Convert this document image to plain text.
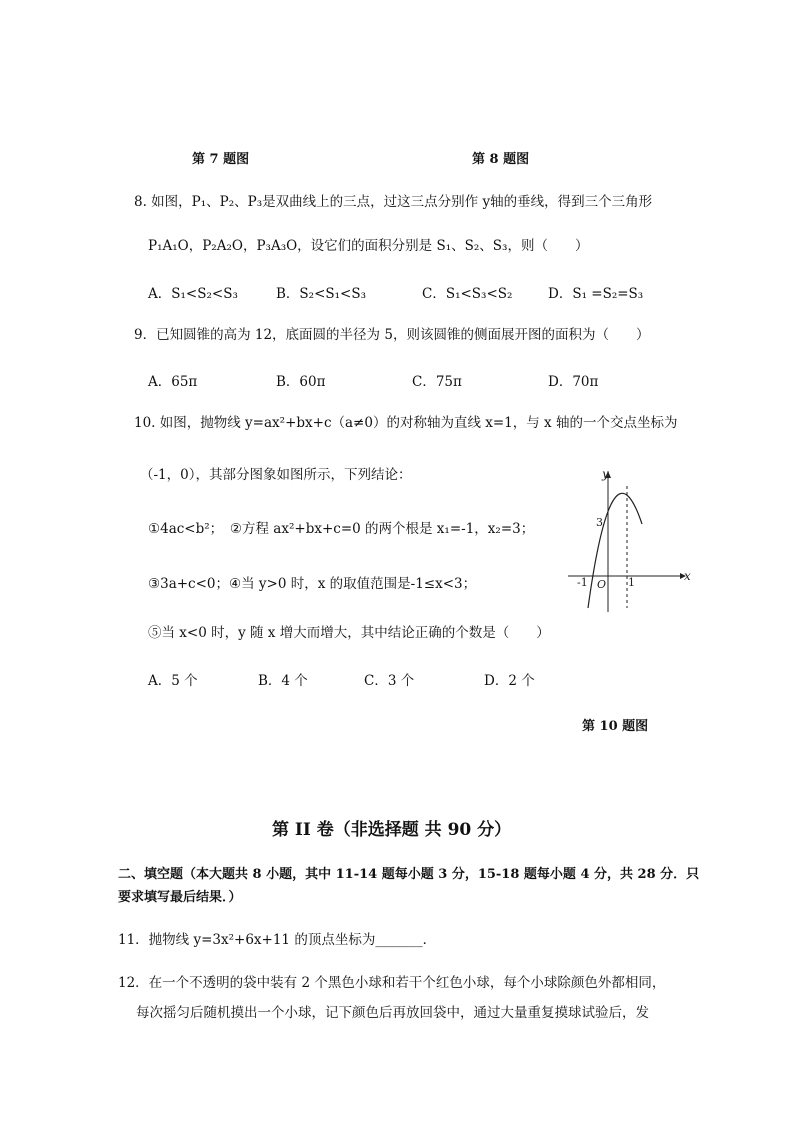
第 7 题图	第 8 题图
8. 如图，P₁、P₂、P₃是双曲线上的三点，过这三点分别作 y轴的垂线，得到三个三角形
P₁A₁O，P₂A₂O，P₃A₃O，设它们的面积分别是 S₁、S₂、S₃，则（　　）
A．S₁<S₂<S₃	B．S₂<S₁<S₃	C．S₁<S₃<S₂	D．S₁ =S₂=S₃
9．已知圆锥的高为 12，底面圆的半径为 5，则该圆锥的侧面展开图的面积为（　　）
A．65π	B．60π	C．75π	D．70π
10. 如图，抛物线 y=ax²+bx+c（a≠0）的对称轴为直线 x=1，与 x 轴的一个交点坐标为
（-1，0），其部分图象如图所示，下列结论：
①4ac<b²；　②方程 ax²+bx+c=0 的两个根是 x₁=-1，x₂=3；
③3a+c<0；④当 y>0 时，x 的取值范围是-1≤x<3；
⑤当 x<0 时，y 随 x 增大而增大，其中结论正确的个数是（　　）
A．5 个	B．4 个	C．3 个	D．2 个
x
y
O
-1	1
3
第 10 题图
第 II 卷（非选择题 共 90 分）
二、填空题（本大题共 8 小题，其中 11-14 题每小题 3 分，15-18 题每小题 4 分，共 28 分．只
要求填写最后结果．）
11．抛物线 y=3x²+6x+11 的顶点坐标为_______．
12．在一个不透明的袋中装有 2 个黑色小球和若干个红色小球，每个小球除颜色外都相同，
每次摇匀后随机摸出一个小球，记下颜色后再放回袋中，通过大量重复摸球试验后，发
